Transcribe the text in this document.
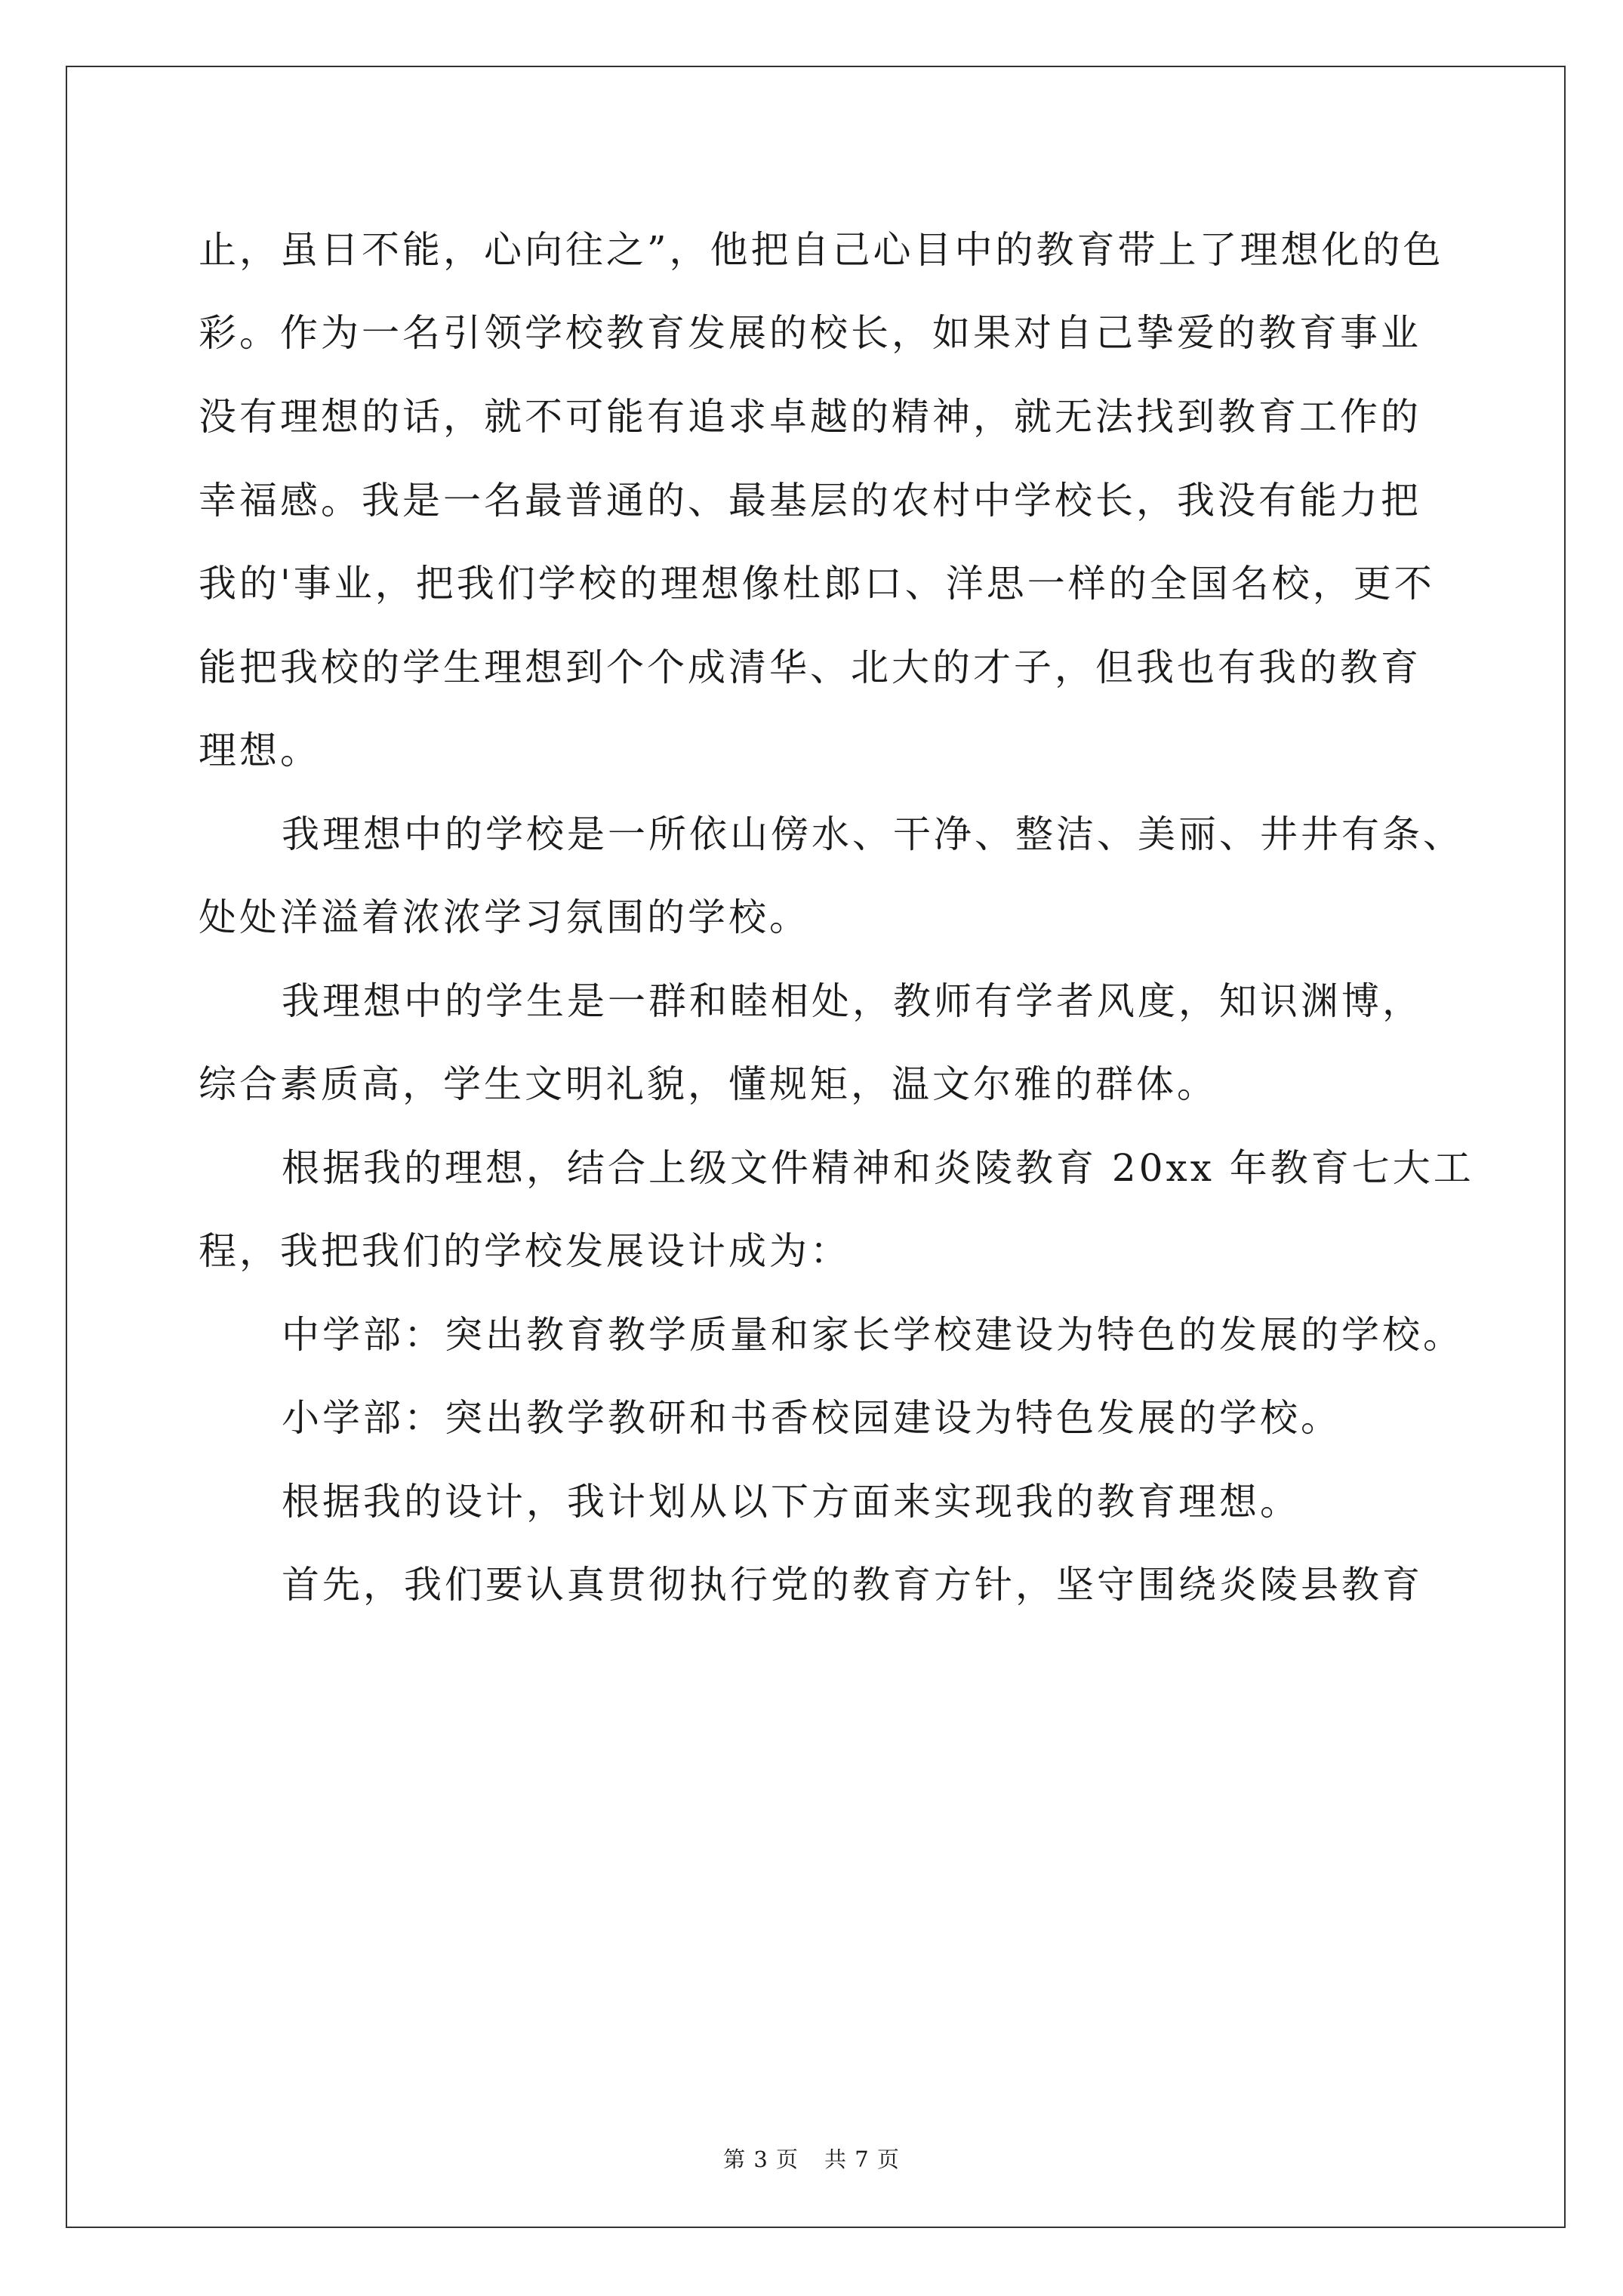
止，虽日不能，心向往之”，他把自己心目中的教育带上了理想化的色
彩。作为一名引领学校教育发展的校长，如果对自己挚爱的教育事业
没有理想的话，就不可能有追求卓越的精神，就无法找到教育工作的
幸福感。我是一名最普通的、最基层的农村中学校长，我没有能力把
我的'事业，把我们学校的理想像杜郎口、洋思一样的全国名校，更不
能把我校的学生理想到个个成清华、北大的才子，但我也有我的教育
理想。
我理想中的学校是一所依山傍水、干净、整洁、美丽、井井有条、
处处洋溢着浓浓学习氛围的学校。
我理想中的学生是一群和睦相处，教师有学者风度，知识渊博，
综合素质高，学生文明礼貌，懂规矩，温文尔雅的群体。
根据我的理想，结合上级文件精神和炎陵教育 20xx 年教育七大工
程，我把我们的学校发展设计成为：
中学部：突出教育教学质量和家长学校建设为特色的发展的学校。
小学部：突出教学教研和书香校园建设为特色发展的学校。
根据我的设计，我计划从以下方面来实现我的教育理想。
首先，我们要认真贯彻执行党的教育方针，坚守围绕炎陵县教育
第 3 页 共 7 页
